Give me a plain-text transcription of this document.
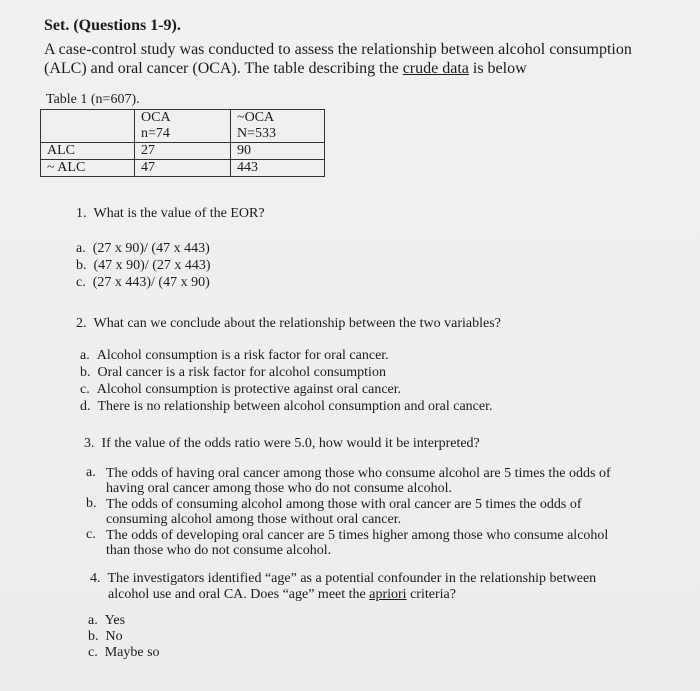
Set. (Questions 1-9).
A case-control study was conducted to assess the relationship between alcohol consumption
(ALC) and oral cancer (OCA). The table describing the crude data is below
Table 1 (n=607).
	OCA	~OCA
	n=74	N=533
ALC	27	90
~ ALC	47	443
1. What is the value of the EOR?
a. (27 x 90)/ (47 x 443)
b. (47 x 90)/ (27 x 443)
c. (27 x 443)/ (47 x 90)
2. What can we conclude about the relationship between the two variables?
a. Alcohol consumption is a risk factor for oral cancer.
b. Oral cancer is a risk factor for alcohol consumption
c. Alcohol consumption is protective against oral cancer.
d. There is no relationship between alcohol consumption and oral cancer.
3. If the value of the odds ratio were 5.0, how would it be interpreted?
a. The odds of having oral cancer among those who consume alcohol are 5 times the odds of having oral cancer among those who do not consume alcohol.
b. The odds of consuming alcohol among those with oral cancer are 5 times the odds of consuming alcohol among those without oral cancer.
c. The odds of developing oral cancer are 5 times higher among those who consume alcohol than those who do not consume alcohol.
4. The investigators identified “age” as a potential confounder in the relationship between
alcohol use and oral CA. Does “age” meet the apriori criteria?
a. Yes
b. No
c. Maybe so
